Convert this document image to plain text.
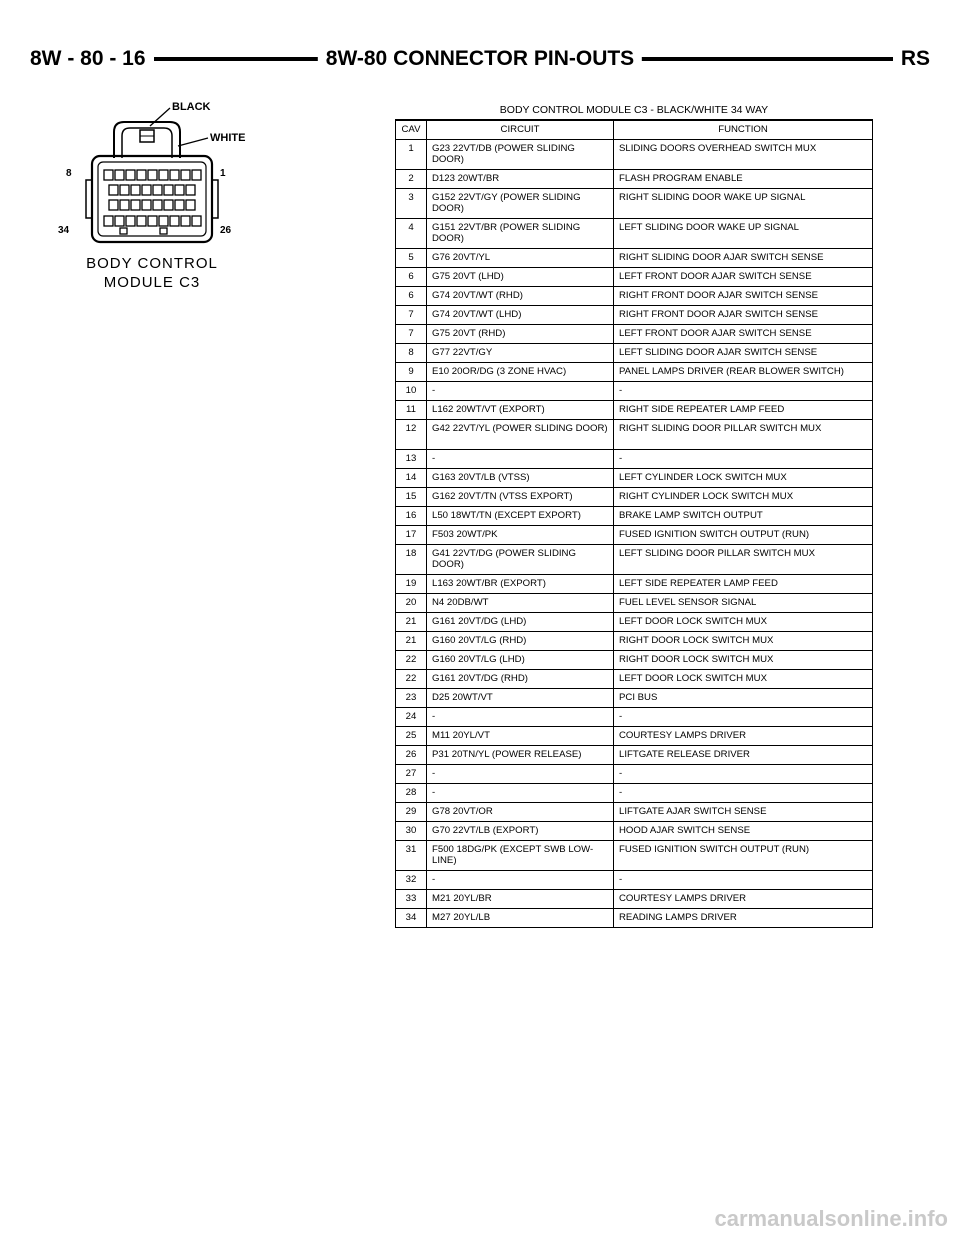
8W - 80 - 16	8W-80 CONNECTOR PIN-OUTS	RS
BLACK
WHITE
8	1
34	26
BODY CONTROL
MODULE C3
BODY CONTROL MODULE C3 - BLACK/WHITE 34 WAY
CAV	CIRCUIT	FUNCTION
1	G23 22VT/DB (POWER SLIDING DOOR)	SLIDING DOORS OVERHEAD SWITCH MUX
2	D123 20WT/BR	FLASH PROGRAM ENABLE
3	G152 22VT/GY (POWER SLIDING DOOR)	RIGHT SLIDING DOOR WAKE UP SIGNAL
4	G151 22VT/BR (POWER SLIDING DOOR)	LEFT SLIDING DOOR WAKE UP SIGNAL
5	G76 20VT/YL	RIGHT SLIDING DOOR AJAR SWITCH SENSE
6	G75 20VT (LHD)	LEFT FRONT DOOR AJAR SWITCH SENSE
6	G74 20VT/WT (RHD)	RIGHT FRONT DOOR AJAR SWITCH SENSE
7	G74 20VT/WT (LHD)	RIGHT FRONT DOOR AJAR SWITCH SENSE
7	G75 20VT (RHD)	LEFT FRONT DOOR AJAR SWITCH SENSE
8	G77 22VT/GY	LEFT SLIDING DOOR AJAR SWITCH SENSE
9	E10 20OR/DG (3 ZONE HVAC)	PANEL LAMPS DRIVER (REAR BLOWER SWITCH)
10	-	-
11	L162 20WT/VT (EXPORT)	RIGHT SIDE REPEATER LAMP FEED
12	G42 22VT/YL (POWER SLIDING DOOR)	RIGHT SLIDING DOOR PILLAR SWITCH MUX
13	-	-
14	G163 20VT/LB (VTSS)	LEFT CYLINDER LOCK SWITCH MUX
15	G162 20VT/TN (VTSS EXPORT)	RIGHT CYLINDER LOCK SWITCH MUX
16	L50 18WT/TN (EXCEPT EXPORT)	BRAKE LAMP SWITCH OUTPUT
17	F503 20WT/PK	FUSED IGNITION SWITCH OUTPUT (RUN)
18	G41 22VT/DG (POWER SLIDING DOOR)	LEFT SLIDING DOOR PILLAR SWITCH MUX
19	L163 20WT/BR (EXPORT)	LEFT SIDE REPEATER LAMP FEED
20	N4 20DB/WT	FUEL LEVEL SENSOR SIGNAL
21	G161 20VT/DG (LHD)	LEFT DOOR LOCK SWITCH MUX
21	G160 20VT/LG (RHD)	RIGHT DOOR LOCK SWITCH MUX
22	G160 20VT/LG (LHD)	RIGHT DOOR LOCK SWITCH MUX
22	G161 20VT/DG (RHD)	LEFT DOOR LOCK SWITCH MUX
23	D25 20WT/VT	PCI BUS
24	-	-
25	M11 20YL/VT	COURTESY LAMPS DRIVER
26	P31 20TN/YL (POWER RELEASE)	LIFTGATE RELEASE DRIVER
27	-	-
28	-	-
29	G78 20VT/OR	LIFTGATE AJAR SWITCH SENSE
30	G70 22VT/LB (EXPORT)	HOOD AJAR SWITCH SENSE
31	F500 18DG/PK (EXCEPT SWB LOW-LINE)	FUSED IGNITION SWITCH OUTPUT (RUN)
32	-	-
33	M21 20YL/BR	COURTESY LAMPS DRIVER
34	M27 20YL/LB	READING LAMPS DRIVER
carmanualsonline.info
